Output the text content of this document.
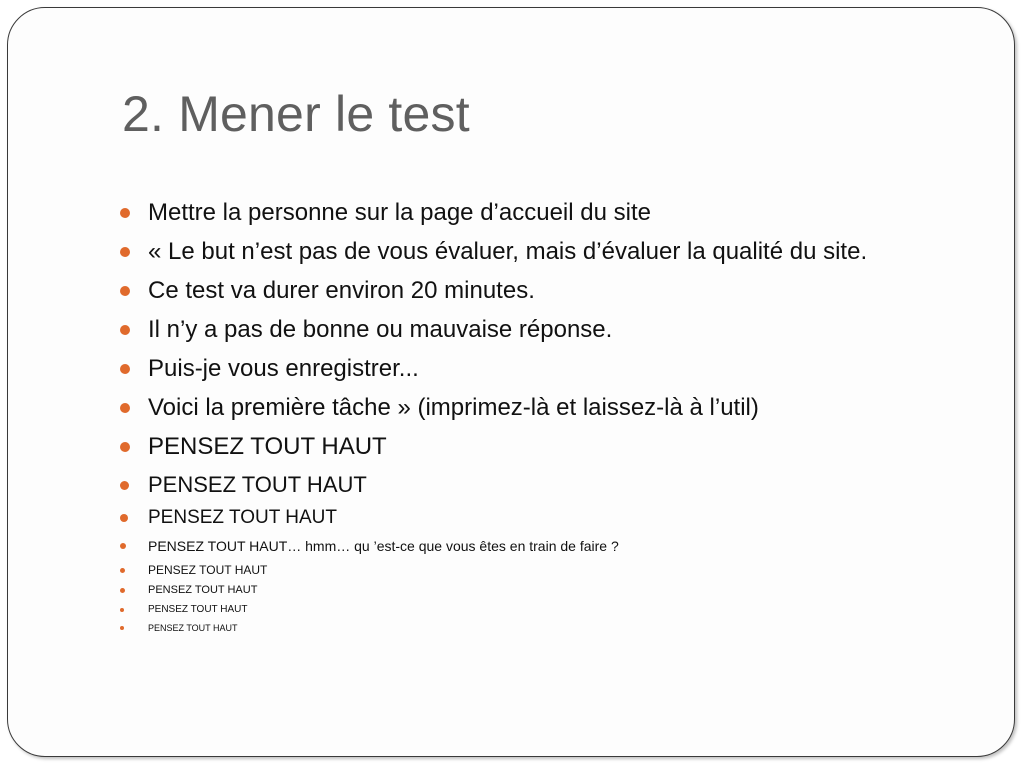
2. Mener le test
Mettre la personne sur la page d’accueil du site
« Le but n’est pas de vous évaluer, mais d’évaluer la qualité du site.
Ce test va durer environ 20 minutes.
Il n’y a pas de bonne ou mauvaise réponse.
Puis-je vous enregistrer...
Voici la première tâche » (imprimez-là et laissez-là à l’util)
PENSEZ TOUT HAUT
PENSEZ TOUT HAUT
PENSEZ TOUT HAUT
PENSEZ TOUT HAUT… hmm… qu ’est-ce que vous êtes en train de faire ?
PENSEZ TOUT HAUT
PENSEZ TOUT HAUT
PENSEZ TOUT HAUT
PENSEZ TOUT HAUT
